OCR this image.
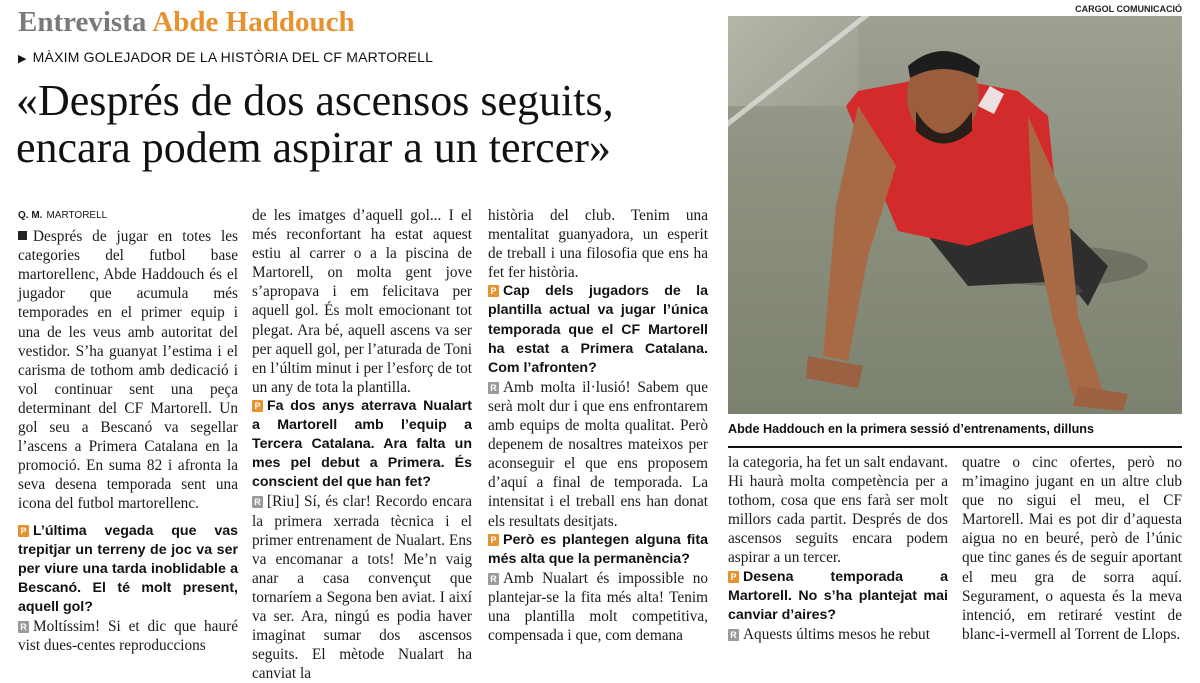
Entrevista Abde Haddouch
▶ MÀXIM GOLEJADOR DE LA HISTÒRIA DEL CF MARTORELL
«Després de dos ascensos seguits,
encara podem aspirar a un tercer»
Q. M. MARTORELL

Després de jugar en totes les categories del futbol base martorellenc, Abde Haddouch és el jugador que acumula més temporades en el primer equip i una de les veus amb autoritat del vestidor. S’ha guanyat l’estima i el carisma de tothom amb dedicació i vol continuar sent una peça determinant del CF Martorell. Un gol seu a Bescanó va segellar l’ascens a Primera Catalana en la promoció. En suma 82 i afronta la seva desena temporada sent una icona del futbol martorellenc.

P L’última vegada que vas trepitjar un terreny de joc va ser per viure una tarda inoblidable a Bescanó. El té molt present, aquell gol?

R Moltíssim! Si et dic que hauré vist dues-centes reproduccions

de les imatges d’aquell gol... I el més reconfortant ha estat aquest estiu al carrer o a la piscina de Martorell, on molta gent jove s’apropava i em felicitava per aquell gol. És molt emocionant tot plegat. Ara bé, aquell ascens va ser per aquell gol, per l’aturada de Toni en l’últim minut i per l’esforç de tot un any de tota la plantilla.

P Fa dos anys aterrava Nualart a Martorell amb l’equip a Tercera Catalana. Ara falta un mes pel debut a Primera. És conscient del que han fet?

R [Riu] Sí, és clar! Recordo encara la primera xerrada tècnica i el primer entrenament de Nualart. Ens va encomanar a tots! Me’n vaig anar a casa convençut que tornaríem a Segona ben aviat. I així va ser. Ara, ningú es podia haver imaginat sumar dos ascensos seguits. El mètode Nualart ha canviat la

història del club. Tenim una mentalitat guanyadora, un esperit de treball i una filosofia que ens ha fet fer història.

P Cap dels jugadors de la plantilla actual va jugar l’única temporada que el CF Martorell ha estat a Primera Catalana. Com l’afronten?

R Amb molta il·lusió! Sabem que serà molt dur i que ens enfrontarem amb equips de molta qualitat. Però depenem de nosaltres mateixos per aconseguir el que ens proposem d’aquí a final de temporada. La intensitat i el treball ens han donat els resultats desitjats.

P Però es plantegen alguna fita més alta que la permanència?

R Amb Nualart és impossible no plantejar-se la fita més alta! Tenim una plantilla molt competitiva, compensada i que, com demana

CARGOL COMUNICACIÓ
Abde Haddouch en la primera sessió d’entrenaments, dilluns

la categoria, ha fet un salt endavant. Hi haurà molta competència per a tothom, cosa que ens farà ser molt millors cada partit. Després de dos ascensos seguits encara podem aspirar a un tercer.

P Desena temporada a Martorell. No s’ha plantejat mai canviar d’aires?

R Aquests últims mesos he rebut

quatre o cinc ofertes, però no m’imagino jugant en un altre club que no sigui el meu, el CF Martorell. Mai es pot dir d’aquesta aigua no en beuré, però de l’únic que tinc ganes és de seguir aportant el meu gra de sorra aquí. Segurament, o aquesta és la meva intenció, em retiraré vestint de blanc-i-vermell al Torrent de Llops.
